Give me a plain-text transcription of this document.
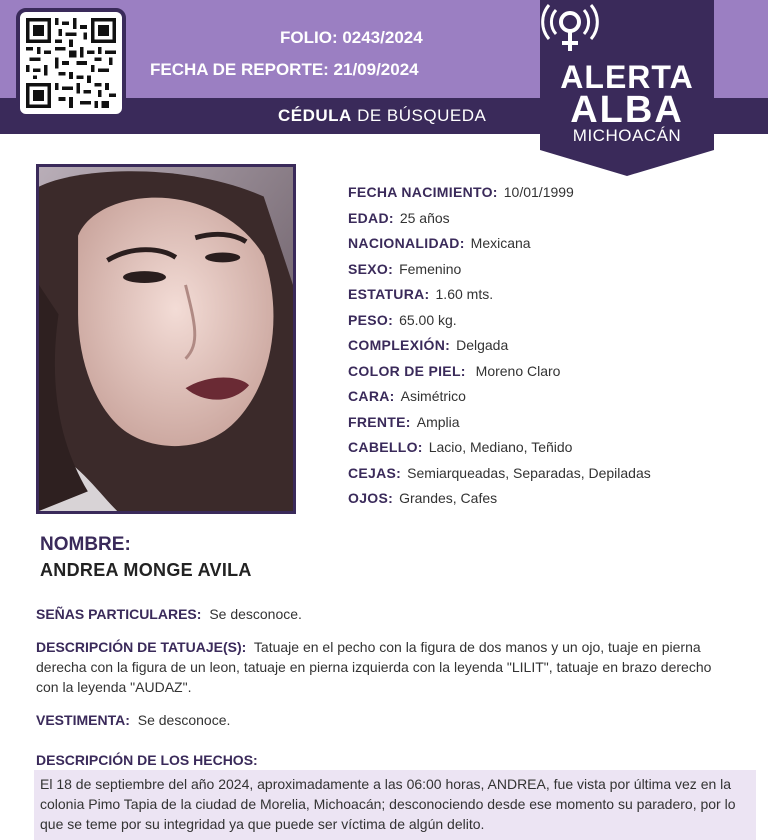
FOLIO: 0243/2024
FECHA DE REPORTE: 21/09/2024
CÉDULA DE BÚSQUEDA
ALERTA
ALBA
MICHOACÁN
FECHA NACIMIENTO: 10/01/1999
EDAD: 25 años
NACIONALIDAD: Mexicana
SEXO: Femenino
ESTATURA: 1.60 mts.
PESO: 65.00 kg.
COMPLEXIÓN: Delgada
COLOR DE PIEL: Moreno Claro
CARA: Asimétrico
FRENTE: Amplia
CABELLO: Lacio, Mediano, Teñido
CEJAS: Semiarqueadas, Separadas, Depiladas
OJOS: Grandes, Cafes
NOMBRE:
ANDREA MONGE AVILA
SEÑAS PARTICULARES: Se desconoce.
DESCRIPCIÓN DE TATUAJE(S): Tatuaje en el pecho con la figura de dos manos y un ojo, tuaje en pierna derecha con la figura de un leon, tatuaje en pierna izquierda con la leyenda "LILIT", tatuaje en brazo derecho con la leyenda "AUDAZ".
VESTIMENTA: Se desconoce.
DESCRIPCIÓN DE LOS HECHOS:
El 18 de septiembre del año 2024, aproximadamente a las 06:00 horas, ANDREA, fue vista por última vez en la colonia Pimo Tapia de la ciudad de Morelia, Michoacán; desconociendo desde ese momento su paradero, por lo que se teme por su integridad ya que puede ser víctima de algún delito.
